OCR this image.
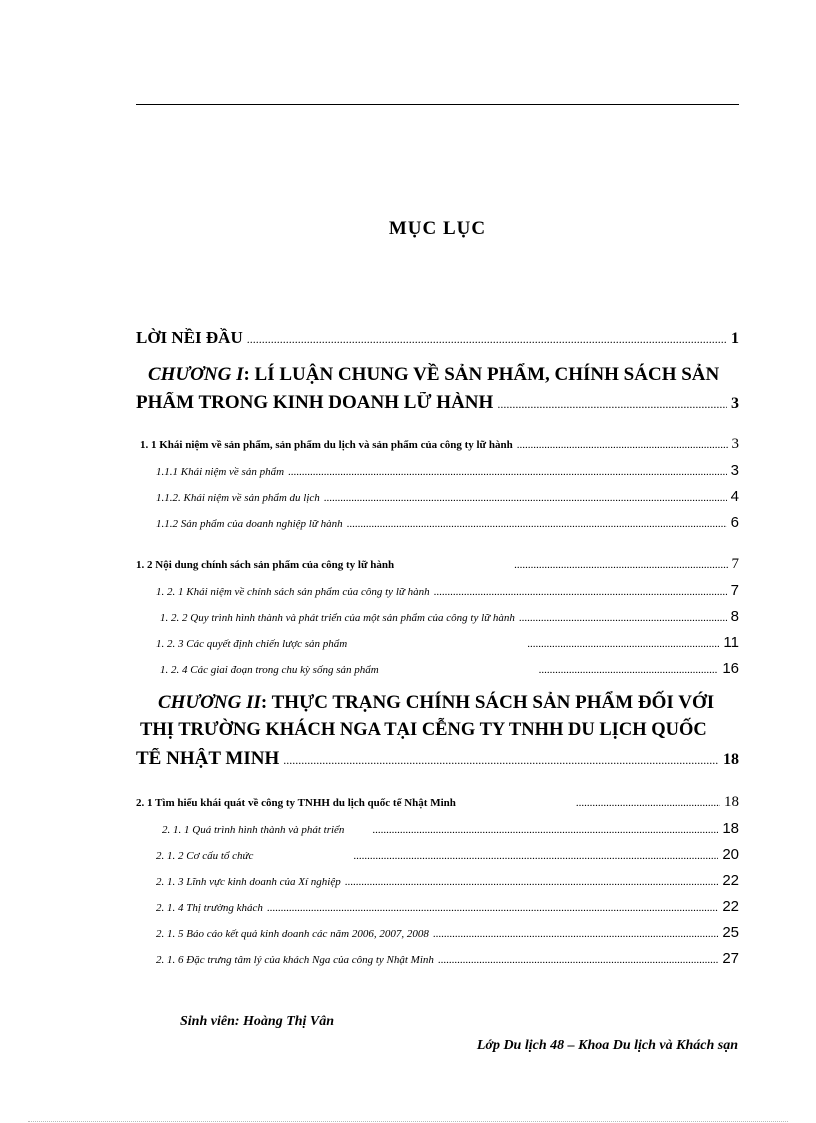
MỤC LỤC
LỜI NỀI ĐẦU .....	1
CHƯƠNG I: LÍ LUẬN CHUNG VỀ SẢN PHẨM, CHÍNH SÁCH SẢN
PHẨM TRONG KINH DOANH LỮ HÀNH .....	3
1. 1 Khái niệm về sản phẩm, sản phẩm du lịch và sản phẩm của công ty lữ hành .....	3
1.1.1 Khái niệm về sản phẩm .....	3
1.1.2. Khái niệm về sản phẩm du lịch .....	4
1.1.2 Sản phẩm của doanh nghiệp lữ hành .....	6
1. 2 Nội dung chính sách sản phẩm của công ty lữ hành .....	7
1. 2. 1 Khái niệm về chính sách sản phẩm của công ty lữ hành .....	7
1. 2. 2 Quy trình hình thành và phát triển của một sản phẩm của công ty lữ hành .....	8
1. 2. 3 Các quyết định chiến lược sản phẩm .....	11
1. 2. 4 Các giai đoạn trong chu kỳ sống sản phẩm .....	16
CHƯƠNG II: THỰC TRẠNG CHÍNH SÁCH SẢN PHẨM ĐỐI VỚI
THỊ TRƯỜNG KHÁCH NGA TẠI CỄNG TY TNHH DU LỊCH QUỐC
TẾ NHẬT MINH .....	18
2. 1 Tìm hiểu khái quát về công ty TNHH du lịch quốc tế Nhật Minh .....	18
2. 1. 1 Quá trình hình thành và phát triển .....	18
2. 1. 2 Cơ cấu tổ chức .....	20
2. 1. 3 Lĩnh vực kinh doanh của Xí nghiệp .....	22
2. 1. 4 Thị trường khách .....	22
2. 1. 5 Báo cáo kết quả kinh doanh các năm 2006, 2007, 2008 .....	25
2. 1. 6 Đặc trưng tâm lý của khách Nga của công ty Nhật Minh .....	27
Sinh viên: Hoàng Thị Vân
Lớp Du lịch 48 – Khoa Du lịch và Khách sạn
